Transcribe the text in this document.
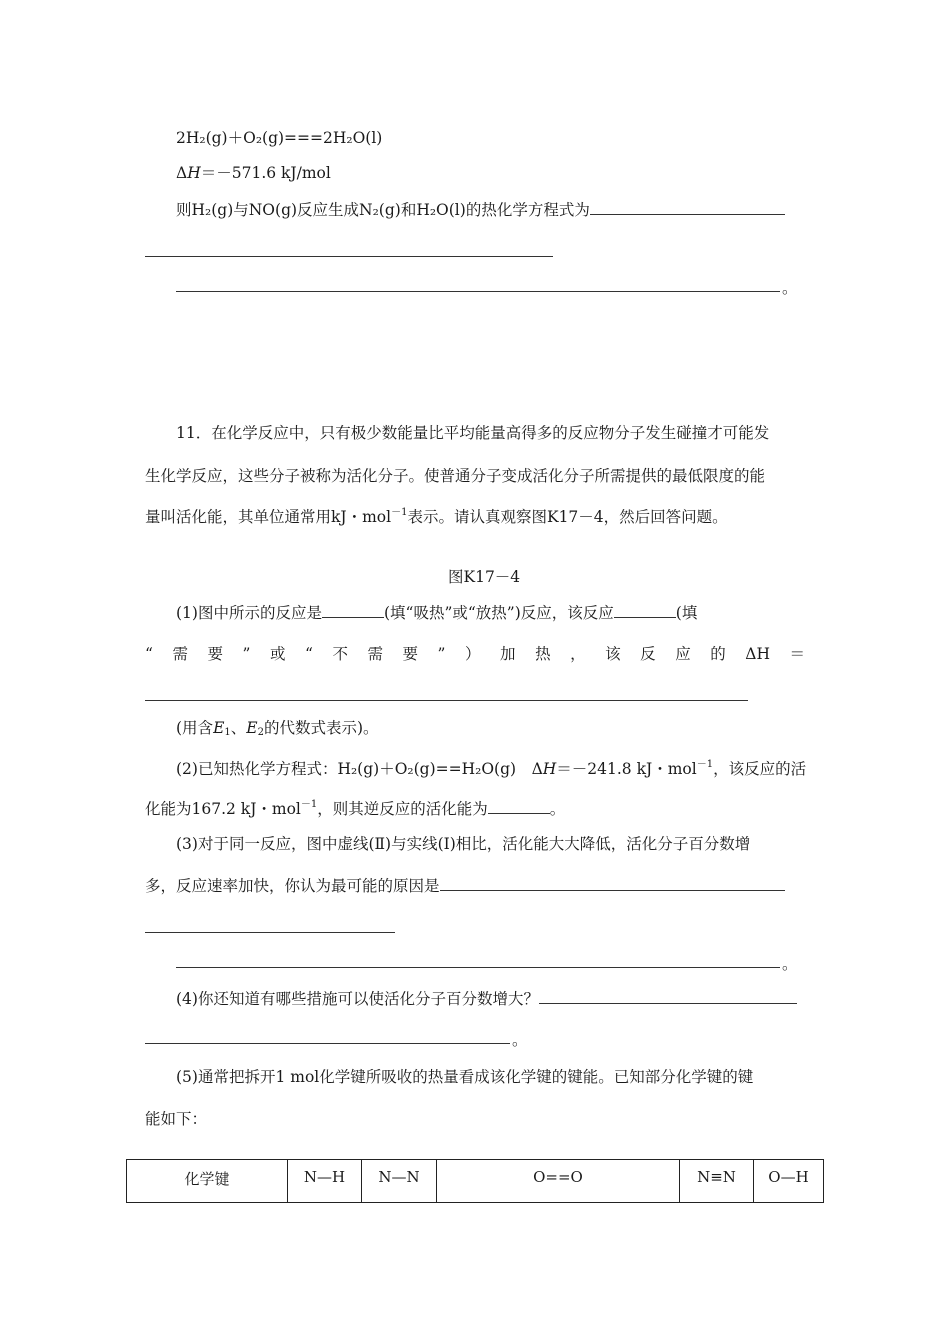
2H₂(g)＋O₂(g)===2H₂O(l)
ΔH＝－571.6 kJ/mol
则H₂(g)与NO(g)反应生成N₂(g)和H₂O(l)的热化学方程式为
。
11．在化学反应中，只有极少数能量比平均能量高得多的反应物分子发生碰撞才可能发
生化学反应，这些分子被称为活化分子。使普通分子变成活化分子所需提供的最低限度的能
量叫活化能，其单位通常用kJ・mol$^{-1}$表示。请认真观察图K17－4，然后回答问题。
图K17－4
(1)图中所示的反应是	(填“吸热”或“放热”)反应，该反应	(填
“ 需 要 ” 或 “ 不 需 要 ” ） 加 热 ， 该 反 应 的 ΔH ＝
(用含$E_1$、$E_2$的代数式表示)。
(2)已知热化学方程式：H₂(g)＋O₂(g)==H₂O(g)　ΔH＝－241.8 kJ・mol$^{-1}$，该反应的活
化能为167.2 kJ・mol$^{-1}$，则其逆反应的活化能为	。
(3)对于同一反应，图中虚线(Ⅱ)与实线(Ⅰ)相比，活化能大大降低，活化分子百分数增
多，反应速率加快，你认为最可能的原因是
。
(4)你还知道有哪些措施可以使活化分子百分数增大？
。
(5)通常把拆开1 mol化学键所吸收的热量看成该化学键的键能。已知部分化学键的键
能如下：
化学键	N—H	N—N	O==O	N≡N	O—H
